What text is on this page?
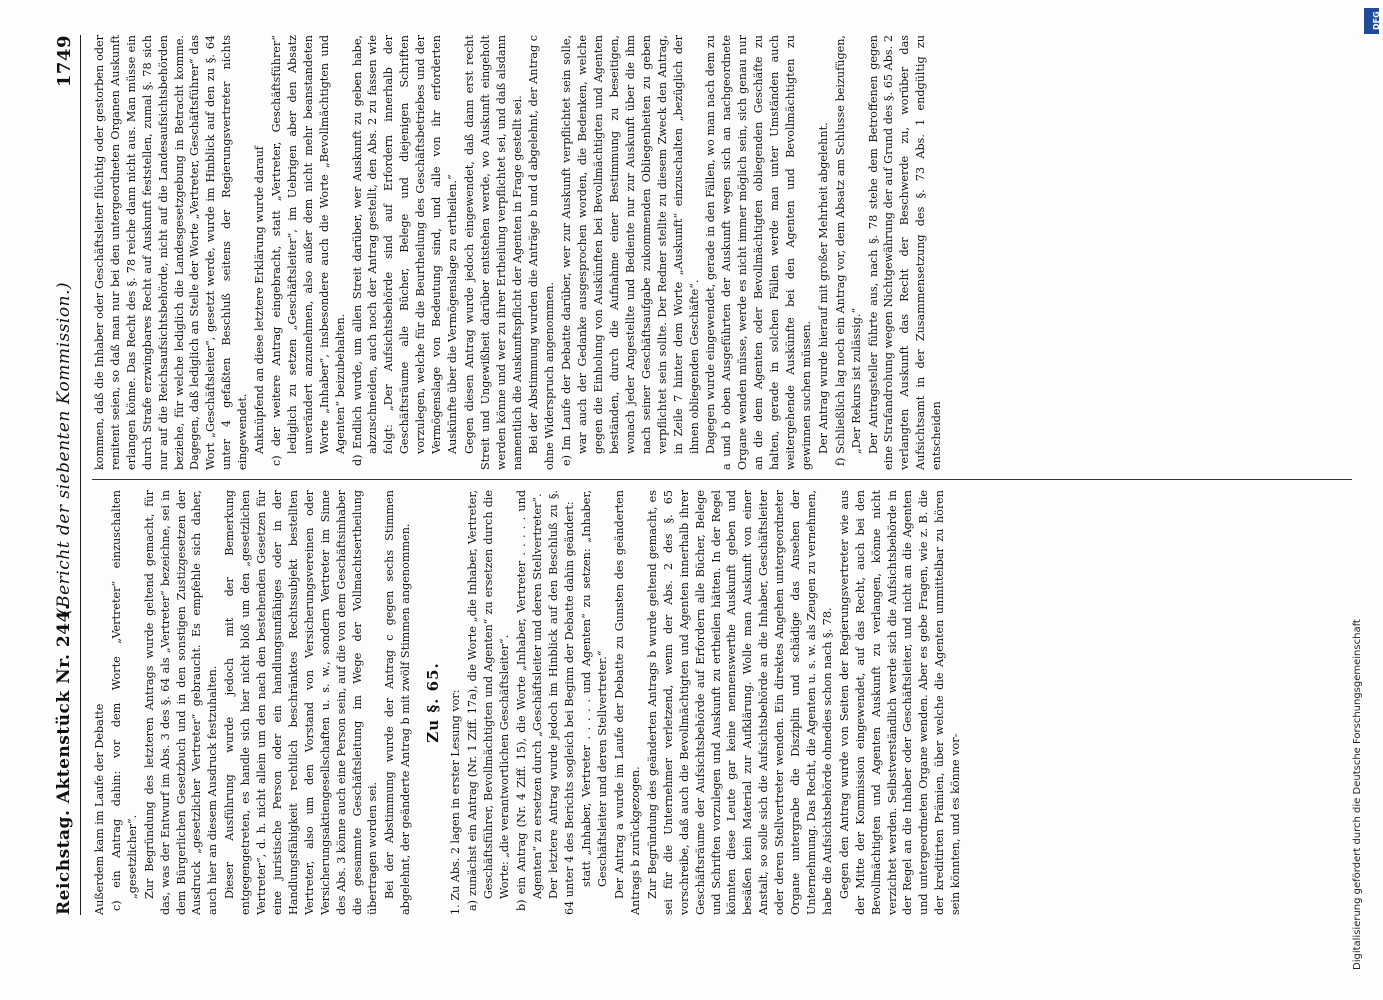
Reichstag. Aktenstück Nr. 244.
(Bericht der siebenten Kommission.)
1749

Außerdem kam im Laufe der Debatte c) ein Antrag dahin: vor dem Worte „Vertreter“ einzuschalten „gesetzlicher“. Zur Begründung des letzteren Antrags wurde geltend gemacht, für das, was der Entwurf im Abs. 3 des §. 64 als „Vertreter“ bezeichne, sei in dem Bürgerlichen Gesetzbuch und in den sonstigen Zustizgesetzen der Ausdruck „gesetzlicher Vertreter“ gebraucht. Es empfehle sich daher, auch hier an diesem Ausdruck festzuhalten. Dieser Ausführung wurde jedoch mit der Bemerkung entgegengetreten, es handle sich hier nicht bloß um den „gesetzlichen Vertreter“, d. h. nicht allein um den nach den bestehenden Gesetzen für eine juristische Person oder ein handlungsunfähiges oder in der Handlungsfähigkeit rechtlich beschränktes Rechtssubjekt bestellten Vertreter, also um den Vorstand von Versicherungsvereinen oder Versicherungsaktiengesellschaften u. s. w., sondern Vertreter im Sinne des Abs. 3 könne auch eine Person sein, auf die von dem Geschäftsinhaber die gesammte Geschäftsleitung im Wege der Vollmachtsertheilung übertragen worden sei. Bei der Abstimmung wurde der Antrag c gegen sechs Stimmen abgelehnt, der geänderte Antrag b mit zwölf Stimmen angenommen. Zu §. 65. 1. Zu Abs. 2 lagen in erster Lesung vor: a) zunächst ein Antrag (Nr. 1 Ziff. 17a), die Worte „die Inhaber, Vertreter, Geschäftsführer, Bevollmächtigten und Agenten“ zu ersetzen durch die Worte: „die verantwortlichen Geschäftsleiter“. b) ein Antrag (Nr. 4 Ziff. 15), die Worte „Inhaber, Vertreter . . . . . und Agenten“ zu ersetzen durch „Geschäftsleiter und deren Stellvertreter“. Der letztere Antrag wurde jedoch im Hinblick auf den Beschluß zu §. 64 unter 4 des Berichts sogleich bei Beginn der Debatte dahin geändert: statt „Inhaber, Vertreter . . . . . und Agenten“ zu setzen: „Inhaber, Geschäftsleiter und deren Stellvertreter.“ Der Antrag a wurde im Laufe der Debatte zu Gunsten des geänderten Antrags b zurückgezogen. Zur Begründung des geänderten Antrags b wurde geltend gemacht, es sei für die Unternehmer verletzend, wenn der Abs. 2 des §. 65 vorschreibe, daß auch die Bevollmächtigten und Agenten innerhalb ihrer Geschäftsräume der Aufsichtsbehörde auf Erfordern alle Bücher, Belege und Schriften vorzulegen und Auskunft zu ertheilen hätten. In der Regel könnten diese Leute gar keine nennenswerthe Auskunft geben und besäßen kein Material zur Aufklärung. Wolle man Auskunft von einer Anstalt, so solle sich die Aufsichtsbehörde an die Inhaber, Geschäftsleiter oder deren Stellvertreter wenden. Ein direktes Angehen untergeordneter Organe untergrabe die Disziplin und schädige das Ansehen der Unternehmung. Das Recht, die Agenten u. s. w. als Zeugen zu vernehmen, habe die Aufsichtsbehörde ohnedies schon nach §. 78. Gegen den Antrag wurde von Seiten der Regierungsvertreter wie aus der Mitte der Kommission eingewendet, auf das Recht, auch bei den Bevollmächtigten und Agenten Auskunft zu verlangen, könne nicht verzichtet werden. Selbstverständlich werde sich die Aufsichtsbehörde in der Regel an die Inhaber oder Geschäftsleiter, und nicht an die Agenten und untergeordneten Organe wenden. Aber es gebe Fragen, wie z. B. die der kreditirten Prämien, über welche die Agenten unmittelbar zu hören sein könnten, und es könne vor-

kommen, daß die Inhaber oder Geschäftsleiter flüchtig oder gestorben oder renitent seien, so daß man nur bei den untergeordneten Organen Auskunft erlangen könne. Das Recht des §. 78 reiche dann nicht aus. Man müsse ein durch Strafe erzwingbares Recht auf Auskunft feststellen, zumal §. 78 sich nur auf die Reichsaufsichtsbehörde, nicht auf die Landesaufsichtsbehörden beziehe, für welche lediglich die Landesgesetzgebung in Betracht komme. Dagegen, daß lediglich an Stelle der Worte „Vertreter, Geschäftsführer“ das Wort „Geschäftsleiter“, gesetzt werde, wurde im Hinblick auf den zu §. 64 unter 4 gefaßten Beschluß seitens der Regierungsvertreter nichts eingewendet. Anknüpfend an diese letztere Erklärung wurde darauf c) der weitere Antrag eingebracht, statt „Vertreter, Geschäftsführer“ lediglich zu setzen „Geschäftsleiter“, im Uebrigen aber den Absatz unverändert anzunehmen, also außer dem nicht mehr beanstandeten Worte „Inhaber“, insbesondere auch die Worte „Bevollmächtigten und Agenten“ beizubehalten. d) Endlich wurde, um allen Streit darüber, wer Auskunft zu geben habe, abzuschneiden, auch noch der Antrag gestellt, den Abs. 2 zu fassen wie folgt: „Der Aufsichtsbehörde sind auf Erfordern innerhalb der Geschäftsräume alle Bücher, Belege und diejenigen Schriften vorzulegen, welche für die Beurtheilung des Geschäftsbetriebes und der Vermögenslage von Bedeutung sind, und alle von ihr erforderten Auskünfte über die Vermögenslage zu ertheilen.“ Gegen diesen Antrag wurde jedoch eingewendet, daß dann erst recht Streit und Ungewißheit darüber entstehen werde, wo Auskunft eingeholt werden könne und wer zu ihrer Ertheilung verpflichtet sei, und daß alsdann namentlich die Auskunftspflicht der Agenten in Frage gestellt sei. Bei der Abstimmung wurden die Anträge b und d abgelehnt, der Antrag c ohne Widerspruch angenommen. e) Im Laufe der Debatte darüber, wer zur Auskunft verpflichtet sein solle, war auch der Gedanke ausgesprochen worden, die Bedenken, welche gegen die Einholung von Auskünften bei Bevollmächtigten und Agenten beständen, durch die Aufnahme einer Bestimmung zu beseitigen, wonach jeder Angestellte und Bediente nur zur Auskunft über die ihm nach seiner Geschäftsaufgabe zukommenden Obliegenheiten zu geben verpflichtet sein sollte. Der Redner stellte zu diesem Zweck den Antrag, in Zeile 7 hinter dem Worte „Auskunft“ einzuschalten „bezüglich der ihnen obliegenden Geschäfte“. Dagegen wurde eingewendet, gerade in den Fällen, wo man nach dem zu a und b oben Ausgeführten der Auskunft wegen sich an nachgeordnete Organe wenden müsse, werde es nicht immer möglich sein, sich genau nur an die dem Agenten oder Bevollmächtigten obliegenden Geschäfte zu halten, gerade in solchen Fällen werde man unter Umständen auch weitergehende Auskünfte bei den Agenten und Bevollmächtigten zu gewinnen suchen müssen. Der Antrag wurde hierauf mit großer Mehrheit abgelehnt. f) Schließlich lag noch ein Antrag vor, dem Absatz am Schlusse beizufügen, „Der Rekurs ist zulässig.“ Der Antragsteller führte aus, nach §. 78 stehe dem Betroffenen gegen eine Strafandrohung wegen Nichtgewährung der auf Grund des §. 65 Abs. 2 verlangten Auskunft das Recht der Beschwerde zu, worüber das Aufsichtsamt in der Zusammensetzung des §. 73 Abs. 1 endgültig zu entscheiden

Digitalisierung gefördert durch die Deutsche Forschungsgemeinschaft
DFG
